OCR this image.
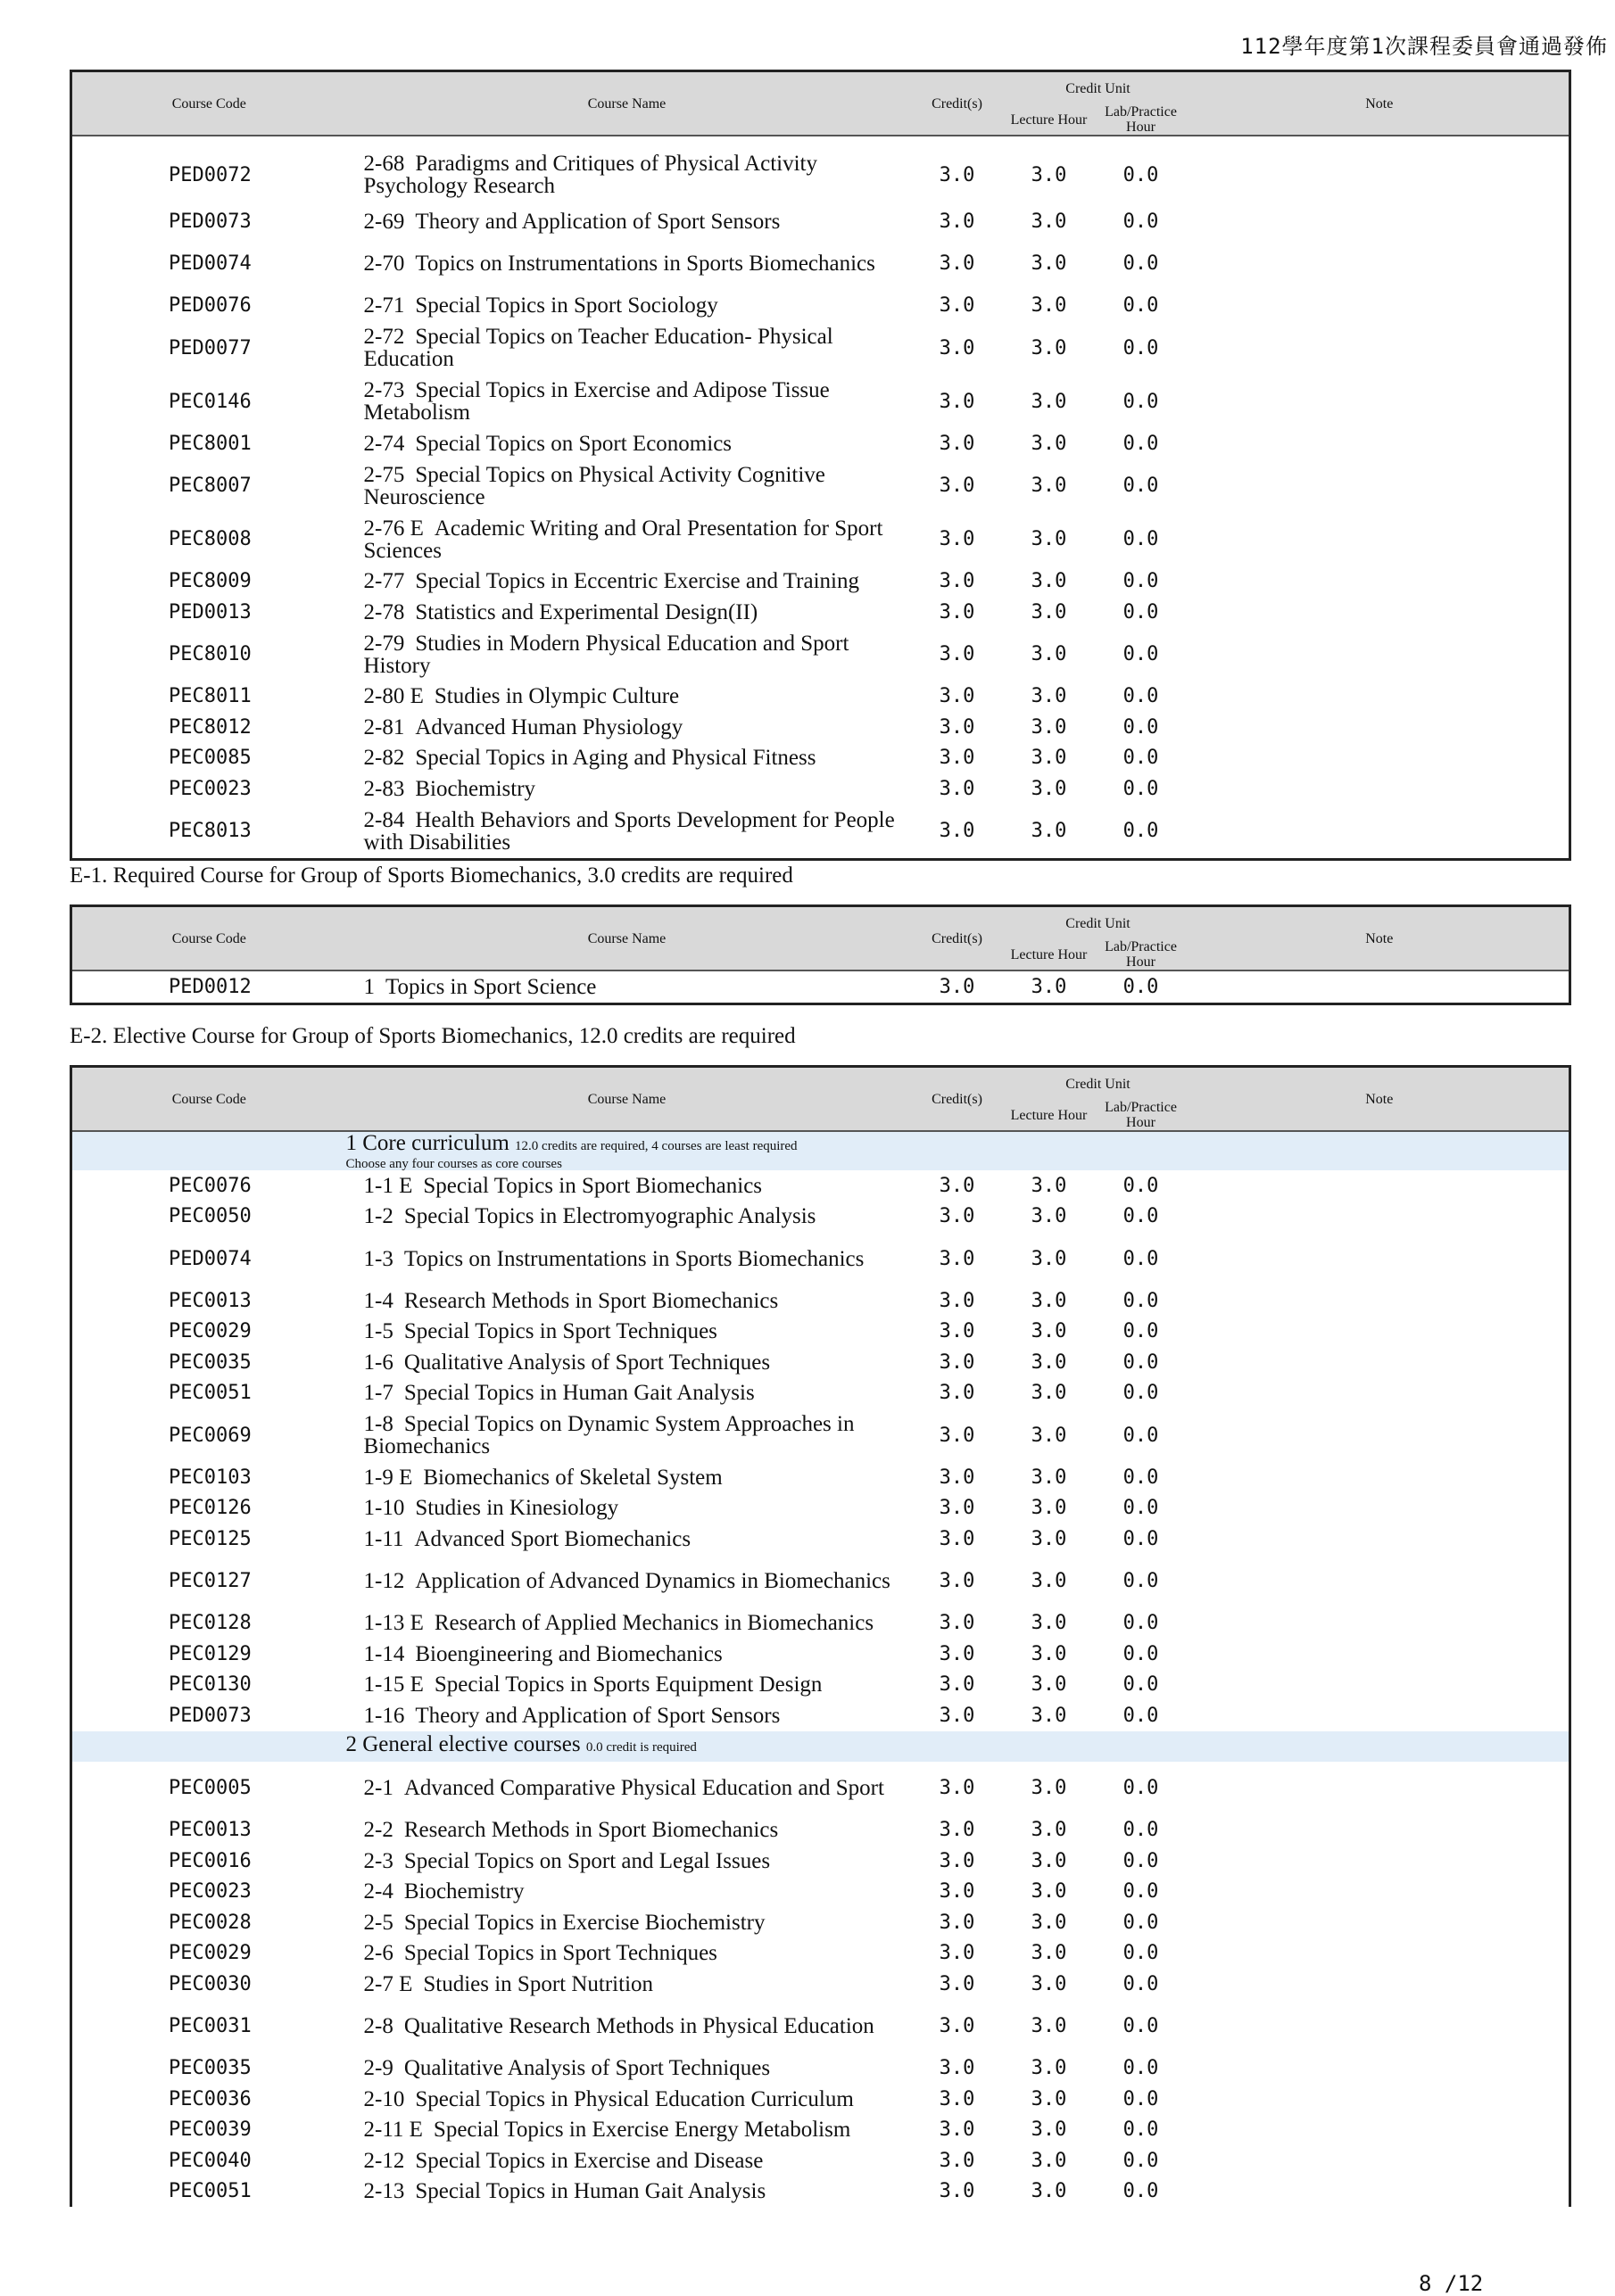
112學年度第1次課程委員會通過發佈
Course Code	Course Name	Credit(s)	Credit Unit		Note
			Lecture Hour	Lab/Practice Hour	
PED0072	2-68 Paradigms and Critiques of Physical Activity Psychology Research	3.0	3.0	0.0	
PED0073	2-69 Theory and Application of Sport Sensors	3.0	3.0	0.0	
PED0074	2-70 Topics on Instrumentations in Sports Biomechanics	3.0	3.0	0.0	
PED0076	2-71 Special Topics in Sport Sociology	3.0	3.0	0.0	
PED0077	2-72 Special Topics on Teacher Education- Physical Education	3.0	3.0	0.0	
PEC0146	2-73 Special Topics in Exercise and Adipose Tissue Metabolism	3.0	3.0	0.0	
PEC8001	2-74 Special Topics on Sport Economics	3.0	3.0	0.0	
PEC8007	2-75 Special Topics on Physical Activity Cognitive Neuroscience	3.0	3.0	0.0	
PEC8008	2-76 E Academic Writing and Oral Presentation for Sport Sciences	3.0	3.0	0.0	
PEC8009	2-77 Special Topics in Eccentric Exercise and Training	3.0	3.0	0.0	
PED0013	2-78 Statistics and Experimental Design(II)	3.0	3.0	0.0	
PEC8010	2-79 Studies in Modern Physical Education and Sport History	3.0	3.0	0.0	
PEC8011	2-80 E Studies in Olympic Culture	3.0	3.0	0.0	
PEC8012	2-81 Advanced Human Physiology	3.0	3.0	0.0	
PEC0085	2-82 Special Topics in Aging and Physical Fitness	3.0	3.0	0.0	
PEC0023	2-83 Biochemistry	3.0	3.0	0.0	
PEC8013	2-84 Health Behaviors and Sports Development for People with Disabilities	3.0	3.0	0.0	
E-1. Required Course for Group of Sports Biomechanics, 3.0 credits are required
Course Code	Course Name	Credit(s)	Credit Unit		Note
			Lecture Hour	Lab/Practice Hour	
PED0012	1 Topics in Sport Science	3.0	3.0	0.0	
E-2. Elective Course for Group of Sports Biomechanics, 12.0 credits are required
Course Code	Course Name	Credit(s)	Credit Unit		Note
			Lecture Hour	Lab/Practice Hour	
	1 Core curriculum 12.0 credits are required, 4 courses are least required
Choose any four courses as core courses				

PEC0076	1-1 E Special Topics in Sport Biomechanics	3.0	3.0	0.0	
PEC0050	1-2 Special Topics in Electromyographic Analysis	3.0	3.0	0.0	
PED0074	1-3 Topics on Instrumentations in Sports Biomechanics	3.0	3.0	0.0	
PEC0013	1-4 Research Methods in Sport Biomechanics	3.0	3.0	0.0	
PEC0029	1-5 Special Topics in Sport Techniques	3.0	3.0	0.0	
PEC0035	1-6 Qualitative Analysis of Sport Techniques	3.0	3.0	0.0	
PEC0051	1-7 Special Topics in Human Gait Analysis	3.0	3.0	0.0	
PEC0069	1-8 Special Topics on Dynamic System Approaches in Biomechanics	3.0	3.0	0.0	
PEC0103	1-9 E Biomechanics of Skeletal System	3.0	3.0	0.0	
PEC0126	1-10 Studies in Kinesiology	3.0	3.0	0.0	
PEC0125	1-11 Advanced Sport Biomechanics	3.0	3.0	0.0	
PEC0127	1-12 Application of Advanced Dynamics in Biomechanics	3.0	3.0	0.0	
PEC0128	1-13 E Research of Applied Mechanics in Biomechanics	3.0	3.0	0.0	
PEC0129	1-14 Bioengineering and Biomechanics	3.0	3.0	0.0	
PEC0130	1-15 E Special Topics in Sports Equipment Design	3.0	3.0	0.0	
PED0073	1-16 Theory and Application of Sport Sensors	3.0	3.0	0.0	
	2 General elective courses 0.0 credit is required				
PEC0005	2-1 Advanced Comparative Physical Education and Sport	3.0	3.0	0.0	
PEC0013	2-2 Research Methods in Sport Biomechanics	3.0	3.0	0.0	
PEC0016	2-3 Special Topics on Sport and Legal Issues	3.0	3.0	0.0	
PEC0023	2-4 Biochemistry	3.0	3.0	0.0	
PEC0028	2-5 Special Topics in Exercise Biochemistry	3.0	3.0	0.0	
PEC0029	2-6 Special Topics in Sport Techniques	3.0	3.0	0.0	
PEC0030	2-7 E Studies in Sport Nutrition	3.0	3.0	0.0	
PEC0031	2-8 Qualitative Research Methods in Physical Education	3.0	3.0	0.0	
PEC0035	2-9 Qualitative Analysis of Sport Techniques	3.0	3.0	0.0	
PEC0036	2-10 Special Topics in Physical Education Curriculum	3.0	3.0	0.0	
PEC0039	2-11 E Special Topics in Exercise Energy Metabolism	3.0	3.0	0.0	
PEC0040	2-12 Special Topics in Exercise and Disease	3.0	3.0	0.0	
PEC0051	2-13 Special Topics in Human Gait Analysis	3.0	3.0	0.0	
8 /12
